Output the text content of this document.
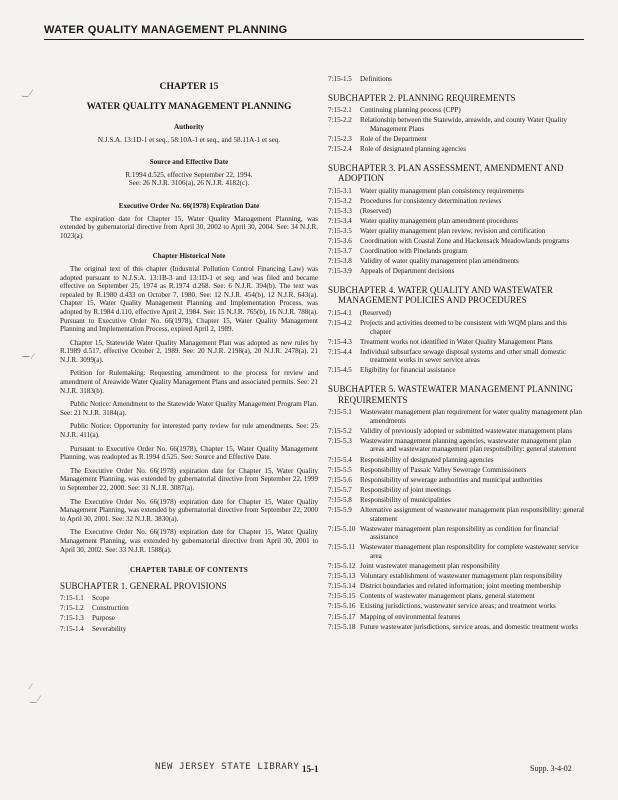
WATER QUALITY MANAGEMENT PLANNING
‿ ⁄
⁓ ⁄
⁄
‿ ⁄
CHAPTER 15
WATER QUALITY MANAGEMENT PLANNING
Authority
N.J.S.A. 13:1D-1 et seq., 58:10A-1 et seq., and 58.11A-1 et seq.
Source and Effective Date
R.1994 d.525, effective September 22, 1994.
See: 26 N.J.R. 3106(a), 26 N.J.R. 4182(c).
Executive Order No. 66(1978) Expiration Date

The expiration date for Chapter 15, Water Quality Management Planning, was extended by gubernatorial directive from April 30, 2002 to April 30, 2004. See: 34 N.J.R. 1023(a).

Chapter Historical Note

The original text of this chapter (Industrial Pollution Control Financing Law) was adopted pursuant to N.J.S.A. 13:1B-3 and 13:1D-1 et seq. and was filed and became effective on September 25, 1974 as R.1974 d.268. See: 6 N.J.R. 394(b). The text was repealed by R.1980 d.433 on October 7, 1980. See: 12 N.J.R. 454(b), 12 N.J.R. 643(a). Chapter 15, Water Quality Management Planning and Implementation Process, was adopted by R.1984 d.110, effective April 2, 1984. See: 15 N.J.R. 765(b), 16 N.J.R. 788(a). Pursuant to Executive Order No. 66(1978), Chapter 15, Water Quality Management Planning and Implementation Process, expired April 2, 1989.

Chapter 15, Statewide Water Quality Management Plan was adopted as new rules by R.1989 d.517, effective October 2, 1989. See: 20 N.J.R. 2198(a), 20 N.J.R. 2478(a), 21 N.J.R. 3099(a).

Petition for Rulemaking: Requesting amendment to the process for review and amendment of Areawide Water Quality Management Plans and associated permits. See: 21 N.J.R. 3183(b).

Public Notice: Amendment to the Statewide Water Quality Management Program Plan. See: 21 N.J.R. 3184(a).

Public Notice: Opportunity for interested party review for rule amendments. See: 25 N.J.R. 411(a).

Pursuant to Executive Order No. 66(1978), Chapter 15, Water Quality Management Planning, was readopted as R.1994 d.525. See: Source and Effective Date.

The Executive Order No. 66(1978) expiration date for Chapter 15, Water Quality Management Planning, was extended by gubernatorial directive from September 22, 1999 to September 22, 2000. See: 31 N.J.R. 3087(a).

The Executive Order No. 66(1978) expiration date for Chapter 15, Water Quality Management Planning, was extended by gubernatorial directive from September 22, 2000 to April 30, 2001. See: 32 N.J.R. 3830(a).

The Executive Order No. 66(1978) expiration date for Chapter 15, Water Quality Management Planning, was extended by gubernatorial directive from April 30, 2001 to April 30, 2002. See: 33 N.J.R. 1588(a).

CHAPTER TABLE OF CONTENTS
SUBCHAPTER 1. GENERAL PROVISIONS
7:15-1.1	Scope
7:15-1.2	Construction
7:15-1.3	Purpose
7:15-1.4	Severability
7:15-1.5	Definitions
SUBCHAPTER 2. PLANNING REQUIREMENTS
7:15-2.1	Continuing planning process (CPP)
7:15-2.2	Relationship between the Statewide, areawide, and county Water Quality Management Plans
7:15-2.3	Role of the Department
7:15-2.4	Role of designated planning agencies
SUBCHAPTER 3. PLAN ASSESSMENT, AMENDMENT AND ADOPTION
7:15-3.1	Water quality management plan consistency requirements
7:15-3.2	Procedures for consistency determination reviews
7:15-3.3	(Reserved)
7:15-3.4	Water quality management plan amendment procedures
7:15-3.5	Water quality management plan review, revision and certification
7:15-3.6	Coordination with Coastal Zone and Hackensack Meadowlands programs
7:15-3.7	Coordination with Pinelands program
7:15-3.8	Validity of water quality management plan amendments
7:15-3.9	Appeals of Department decisions
SUBCHAPTER 4. WATER QUALITY AND WASTEWATER MANAGEMENT POLICIES AND PROCEDURES
7:15-4.1	(Reserved)
7:15-4.2	Projects and activities deemed to be consistent with WQM plans and this chapter
7:15-4.3	Treatment works not identified in Water Quality Management Plans
7:15-4.4	Individual subsurface sewage disposal systems and other small domestic treatment works in sewer service areas
7:15-4.5	Eligibility for financial assistance
SUBCHAPTER 5. WASTEWATER MANAGEMENT PLANNING REQUIREMENTS
7:15-5.1	Wastewater management plan requirement for water quality management plan amendments
7:15-5.2	Validity of previously adopted or submitted wastewater management plans
7:15-5.3	Wastewater management planning agencies, wastewater management plan areas and wastewater management plan responsibility: general statement
7:15-5.4	Responsibility of designated planning agencies
7:15-5.5	Responsibility of Passaic Valley Sewerage Commissioners
7:15-5.6	Responsibility of sewerage authorities and municipal authorities
7:15-5.7	Responsibility of joint meetings
7:15-5.8	Responsibility of municipalities
7:15-5.9	Alternative assignment of wastewater management plan responsibility: general statement
7:15-5.10 Wastewater management plan responsibility as condition for financial assistance
7:15-5.11 Wastewater management plan responsibility for complete wastewater service area
7:15-5.12 Joint wastewater management plan responsibility
7:15-5.13 Voluntary establishment of wastewater management plan responsibility
7:15-5.14 District boundaries and related information; joint meeting membership
7:15-5.15 Contents of wastewater management plans, general statement
7:15-5.16 Existing jurisdictions, wastewater service areas; and treatment works
7:15-5.17 Mapping of environmental features
7:15-5.18 Future wastewater jurisdictions, service areas, and domestic treatment works
NEW JERSEY STATE LIBRARY 15-1	Supp. 3-4-02
